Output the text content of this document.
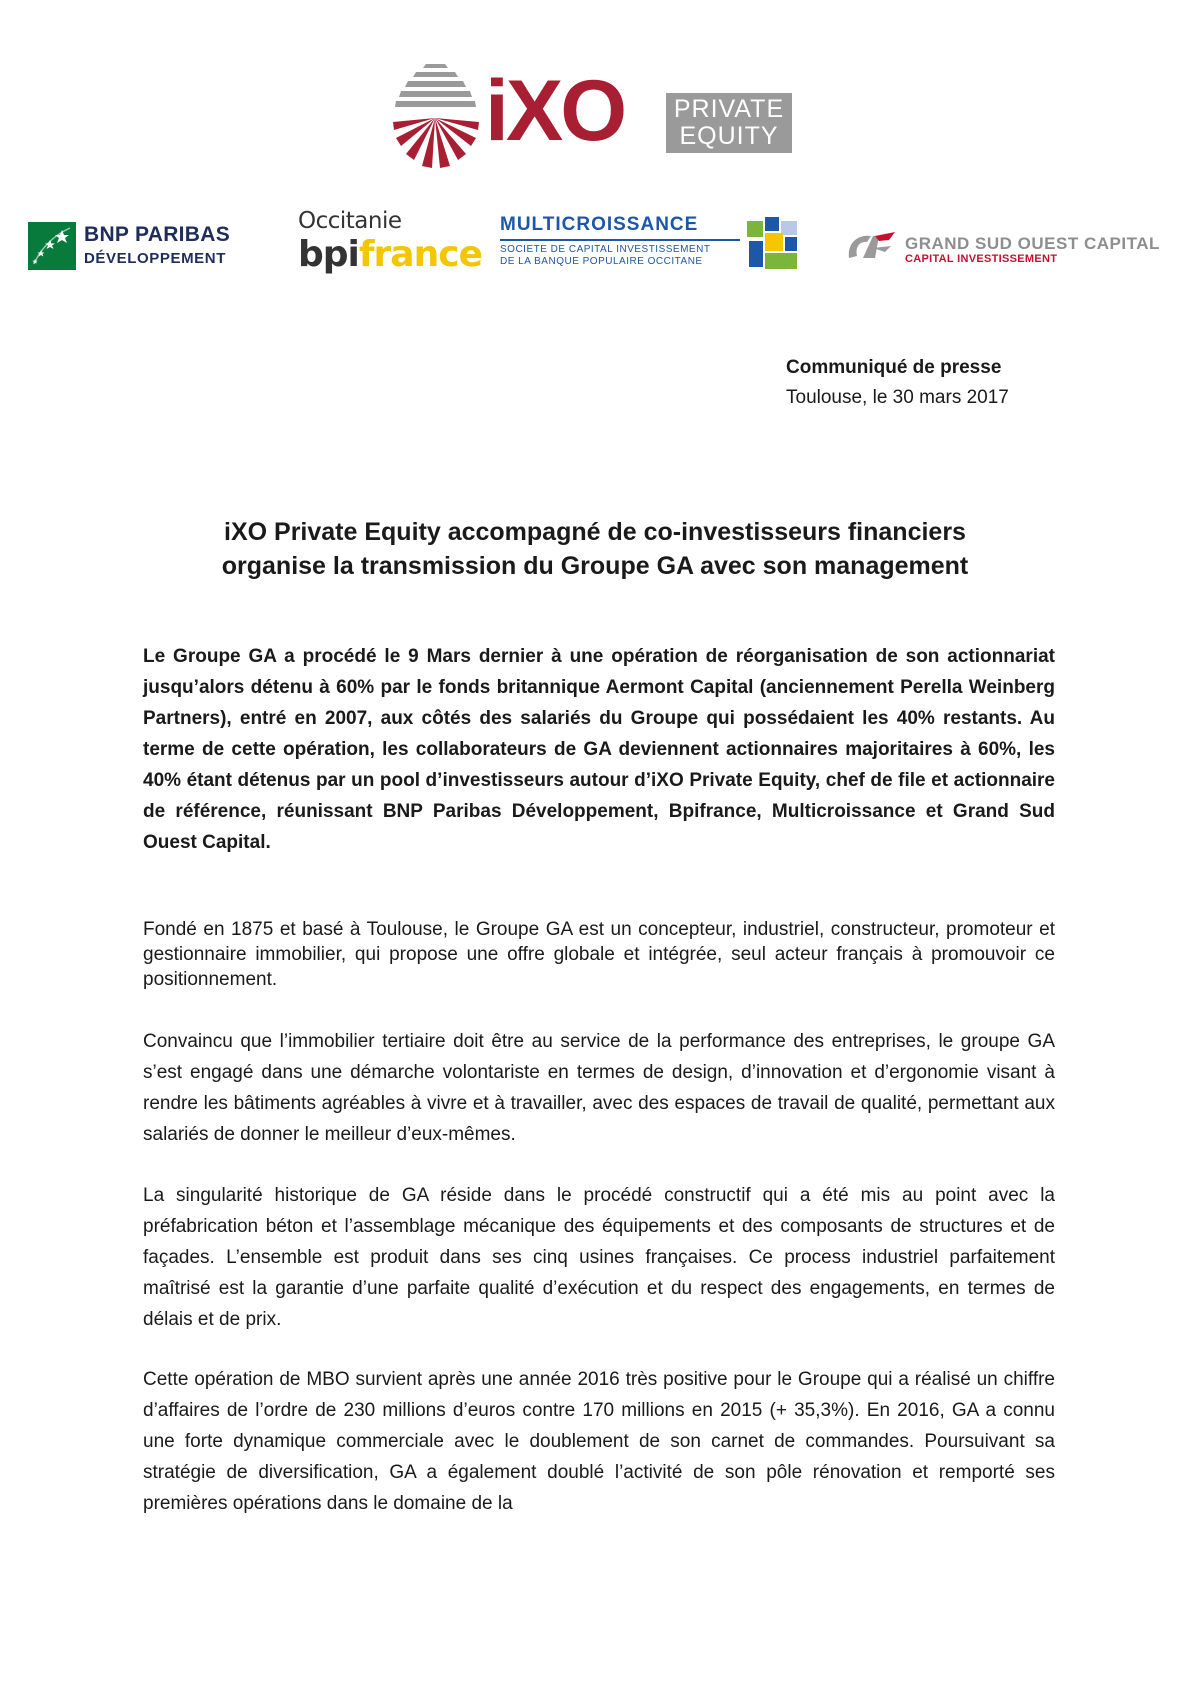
iXO	PRIVATE
EQUITY
BNP PARIBAS
DÉVELOPPEMENT
Occitanie
bpifrance
MULTICROISSANCE
SOCIETE DE CAPITAL INVESTISSEMENT
DE LA BANQUE POPULAIRE OCCITANE
GRAND SUD OUEST CAPITAL
CAPITAL INVESTISSEMENT
Communiqué de presse
Toulouse, le 30 mars 2017
iXO Private Equity accompagné de co-investisseurs financiers
organise la transmission du Groupe GA avec son management

Le Groupe GA a procédé le 9 Mars dernier à une opération de réorganisation de son actionnariat jusqu’alors détenu à 60% par le fonds britannique Aermont Capital (anciennement Perella Weinberg Partners), entré en 2007, aux côtés des salariés du Groupe qui possédaient les 40% restants. Au terme de cette opération, les collaborateurs de GA deviennent actionnaires majoritaires à 60%, les 40% étant détenus par un pool d’investisseurs autour d’iXO Private Equity, chef de file et actionnaire de référence, réunissant BNP Paribas Développement, Bpifrance, Multicroissance et Grand Sud Ouest Capital.

Fondé en 1875 et basé à Toulouse, le Groupe GA est un concepteur, industriel, constructeur, promoteur et gestionnaire immobilier, qui propose une offre globale et intégrée, seul acteur français à promouvoir ce positionnement.

Convaincu que l’immobilier tertiaire doit être au service de la performance des entreprises, le groupe GA s’est engagé dans une démarche volontariste en termes de design, d’innovation et d’ergonomie visant à rendre les bâtiments agréables à vivre et à travailler, avec des espaces de travail de qualité, permettant aux salariés de donner le meilleur d’eux-mêmes.

La singularité historique de GA réside dans le procédé constructif qui a été mis au point avec la préfabrication béton et l’assemblage mécanique des équipements et des composants de structures et de façades. L’ensemble est produit dans ses cinq usines françaises. Ce process industriel parfaitement maîtrisé est la garantie d’une parfaite qualité d’exécution et du respect des engagements, en termes de délais et de prix.

Cette opération de MBO survient après une année 2016 très positive pour le Groupe qui a réalisé un chiffre d’affaires de l’ordre de 230 millions d’euros contre 170 millions en 2015 (+ 35,3%). En 2016, GA a connu une forte dynamique commerciale avec le doublement de son carnet de commandes. Poursuivant sa stratégie de diversification, GA a également doublé l’activité de son pôle rénovation et remporté ses premières opérations dans le domaine de la
